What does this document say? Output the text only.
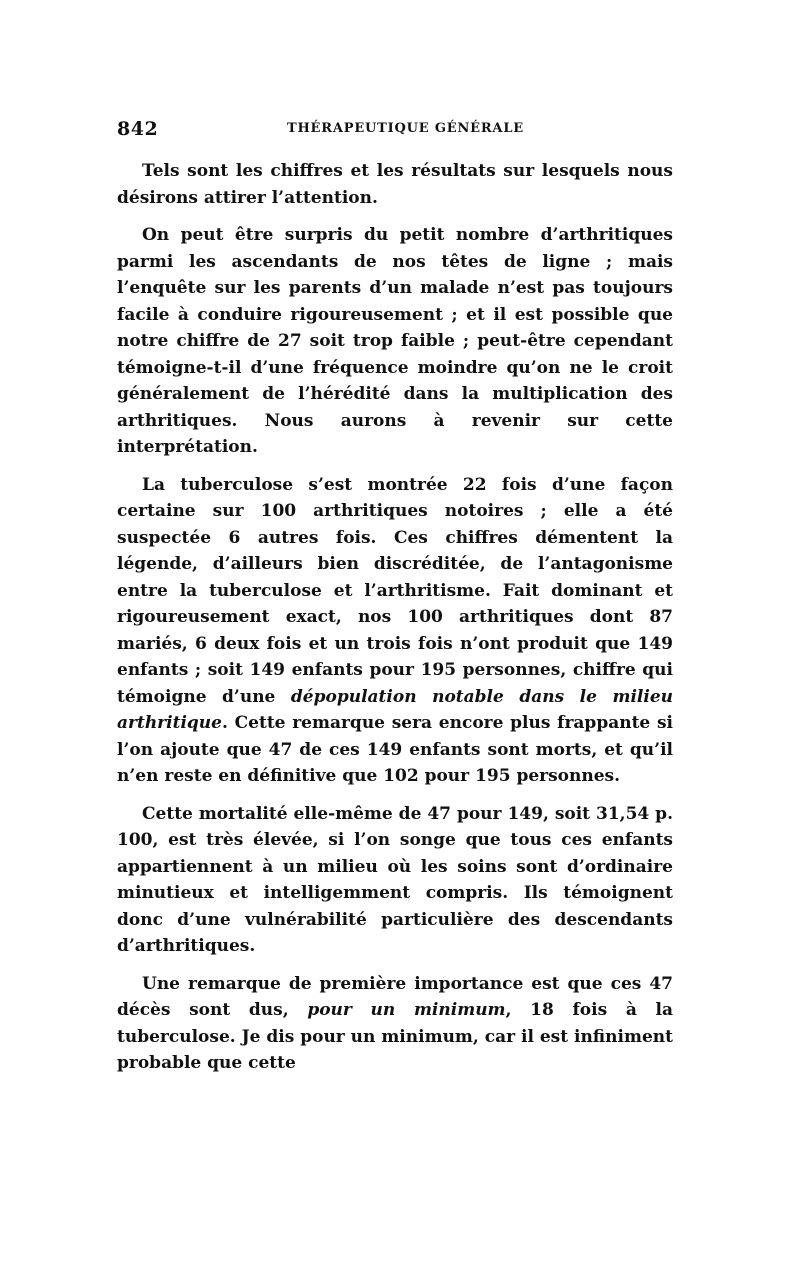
842	THÉRAPEUTIQUE GÉNÉRALE

Tels sont les chiffres et les résultats sur lesquels nous désirons attirer l’attention.

On peut être surpris du petit nombre d’arthritiques parmi les ascendants de nos têtes de ligne ; mais l’enquête sur les parents d’un malade n’est pas toujours facile à conduire rigoureusement ; et il est possible que notre chiffre de 27 soit trop faible ; peut-être cependant témoigne-t-il d’une fréquence moindre qu’on ne le croit généralement de l’hérédité dans la multiplication des arthritiques. Nous aurons à revenir sur cette interprétation.

La tuberculose s’est montrée 22 fois d’une façon certaine sur 100 arthritiques notoires ; elle a été suspectée 6 autres fois. Ces chiffres démentent la légende, d’ailleurs bien discréditée, de l’antagonisme entre la tuberculose et l’arthritisme. Fait dominant et rigoureusement exact, nos 100 arthritiques dont 87 mariés, 6 deux fois et un trois fois n’ont produit que 149 enfants ; soit 149 enfants pour 195 personnes, chiffre qui témoigne d’une dépopulation notable dans le milieu arthritique. Cette remarque sera encore plus frappante si l’on ajoute que 47 de ces 149 enfants sont morts, et qu’il n’en reste en définitive que 102 pour 195 personnes.

Cette mortalité elle-même de 47 pour 149, soit 31,54 p. 100, est très élevée, si l’on songe que tous ces enfants appartiennent à un milieu où les soins sont d’ordinaire minutieux et intelligemment compris. Ils témoignent donc d’une vulnérabilité particulière des descendants d’arthritiques.

Une remarque de première importance est que ces 47 décès sont dus, pour un minimum, 18 fois à la tuberculose. Je dis pour un minimum, car il est infiniment probable que cette
